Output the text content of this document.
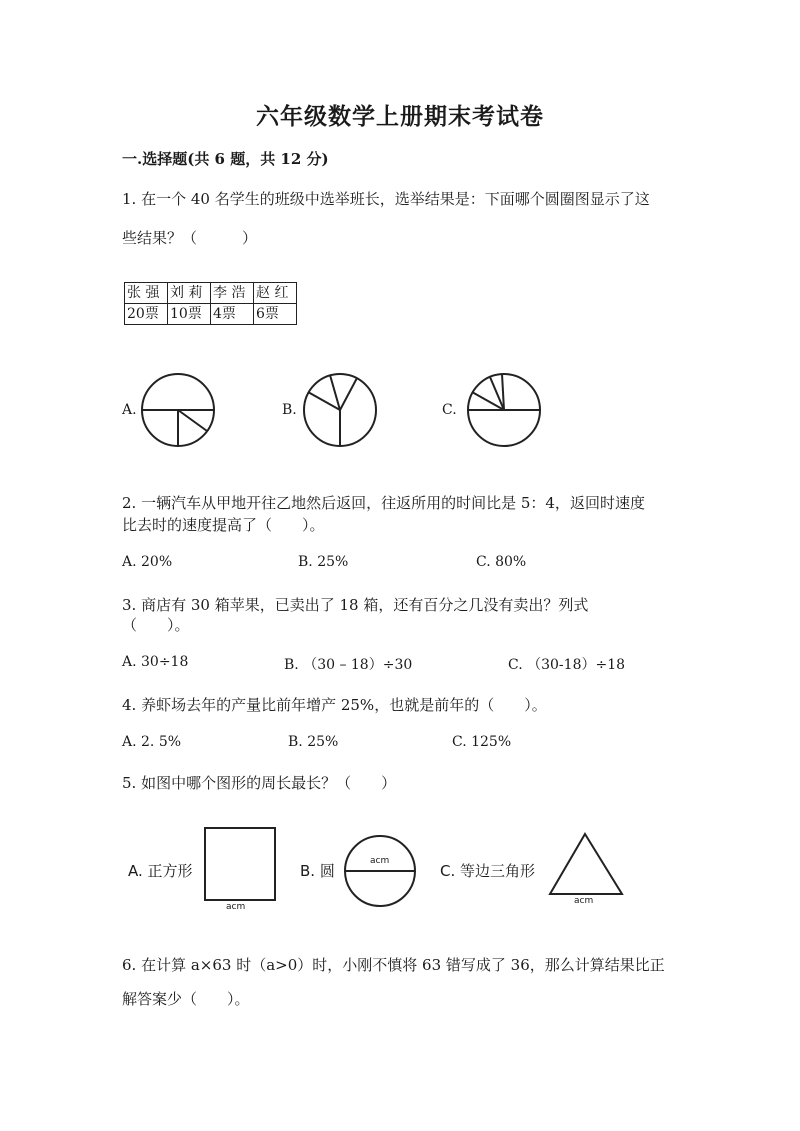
六年级数学上册期末考试卷
一.选择题(共 6 题，共 12 分)
1. 在一个 40 名学生的班级中选举班长，选举结果是：下面哪个圆圈图显示了这
些结果？（　　　）
张 强	刘 莉	李 浩	赵 红
20票	10票	4票	6票
A.	B.	C.
2. 一辆汽车从甲地开往乙地然后返回，往返所用的时间比是 5：4，返回时速度
比去时的速度提高了（　　）。
A. 20%	B. 25%	C. 80%
3. 商店有 30 箱苹果，已卖出了 18 箱，还有百分之几没有卖出？列式
（　　）。
A. 30÷18	B. （30 – 18）÷30	C. （30-18）÷18
4. 养虾场去年的产量比前年增产 25%，也就是前年的（　　）。
A. 2. 5%	B. 25%	C. 125%
5. 如图中哪个图形的周长最长？（　　）
A. 正方形
acm
B. 圆
acm
C. 等边三角形
acm
6. 在计算 a×63 时（a>0）时，小刚不慎将 63 错写成了 36，那么计算结果比正
解答案少（　　）。
